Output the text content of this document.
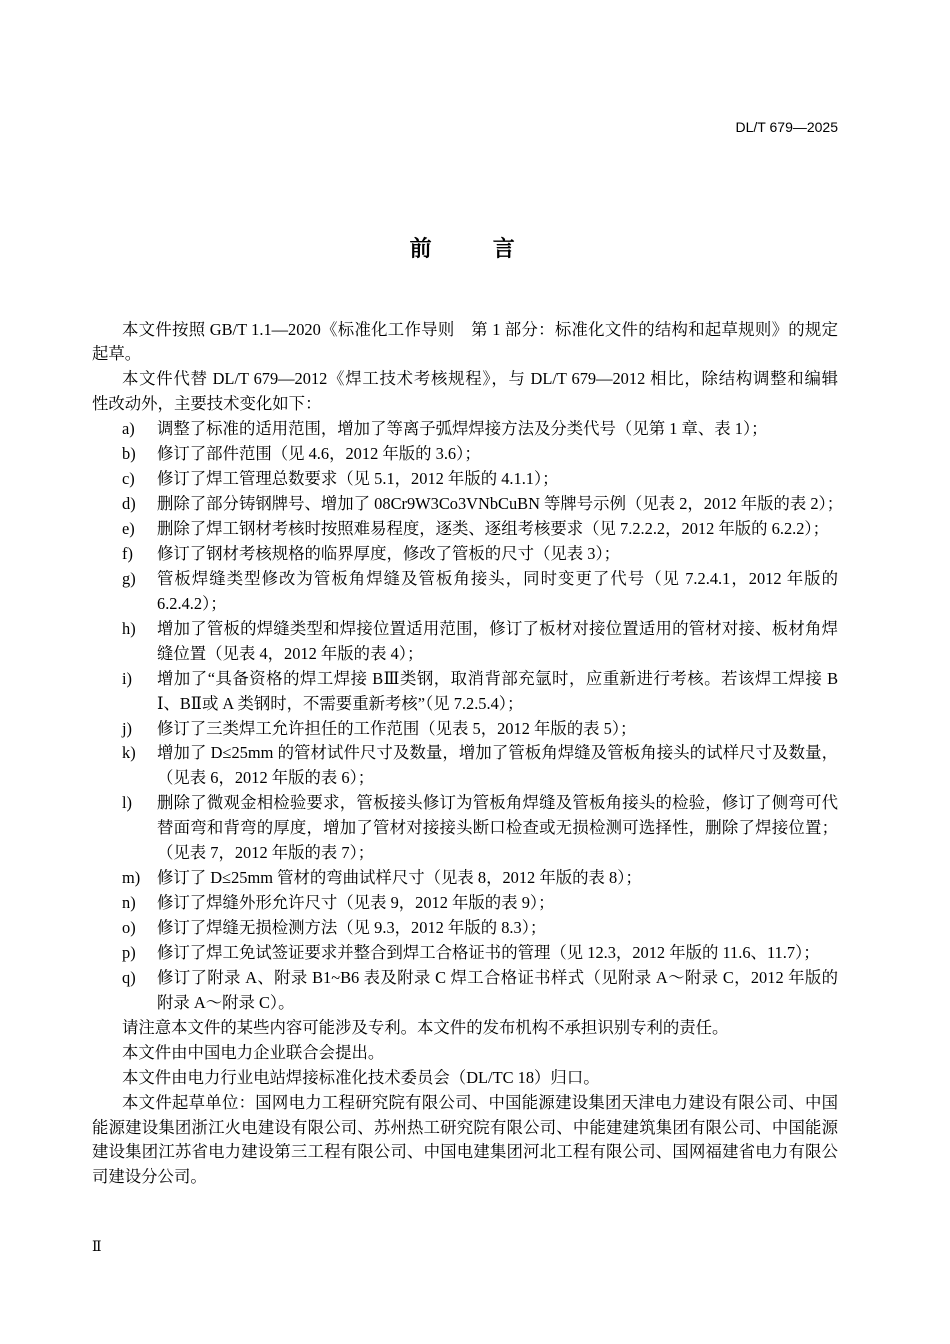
DL/T 679—2025
前　　言
本文件按照 GB/T 1.1—2020《标准化工作导则　第 1 部分：标准化文件的结构和起草规则》的规定
起草。
本文件代替 DL/T 679—2012《焊工技术考核规程》，与 DL/T 679—2012 相比，除结构调整和编辑
性改动外，主要技术变化如下：
a) 调整了标准的适用范围，增加了等离子弧焊焊接方法及分类代号（见第 1 章、表 1）；
b) 修订了部件范围（见 4.6，2012 年版的 3.6）；
c) 修订了焊工管理总数要求（见 5.1，2012 年版的 4.1.1）；
d) 删除了部分铸钢牌号、增加了 08Cr9W3Co3VNbCuBN 等牌号示例（见表 2，2012 年版的表 2）；
e) 删除了焊工钢材考核时按照难易程度，逐类、逐组考核要求（见 7.2.2.2，2012 年版的 6.2.2）；
f) 修订了钢材考核规格的临界厚度，修改了管板的尺寸（见表 3）；
g) 管板焊缝类型修改为管板角焊缝及管板角接头，同时变更了代号（见 7.2.4.1，2012 年版的
6.2.4.2）；
h) 增加了管板的焊缝类型和焊接位置适用范围，修订了板材对接位置适用的管材对接、板材角焊
缝位置（见表 4，2012 年版的表 4）；
i) 增加了“具备资格的焊工焊接 BⅢ类钢，取消背部充氩时，应重新进行考核。若该焊工焊接 B
Ⅰ、BⅡ或 A 类钢时，不需要重新考核”（见 7.2.5.4）；
j) 修订了三类焊工允许担任的工作范围（见表 5，2012 年版的表 5）；
k) 增加了 D≤25mm 的管材试件尺寸及数量，增加了管板角焊缝及管板角接头的试样尺寸及数量，
（见表 6，2012 年版的表 6）；
l) 删除了微观金相检验要求，管板接头修订为管板角焊缝及管板角接头的检验，修订了侧弯可代
替面弯和背弯的厚度，增加了管材对接接头断口检查或无损检测可选择性，删除了焊接位置；
（见表 7，2012 年版的表 7）；
m) 修订了 D≤25mm 管材的弯曲试样尺寸（见表 8，2012 年版的表 8）；
n) 修订了焊缝外形允许尺寸（见表 9，2012 年版的表 9）；
o) 修订了焊缝无损检测方法（见 9.3，2012 年版的 8.3）；
p) 修订了焊工免试签证要求并整合到焊工合格证书的管理（见 12.3，2012 年版的 11.6、11.7）；
q) 修订了附录 A、附录 B1~B6 表及附录 C 焊工合格证书样式（见附录 A～附录 C，2012 年版的
附录 A～附录 C）。
请注意本文件的某些内容可能涉及专利。本文件的发布机构不承担识别专利的责任。
本文件由中国电力企业联合会提出。
本文件由电力行业电站焊接标准化技术委员会（DL/TC 18）归口。
本文件起草单位：国网电力工程研究院有限公司、中国能源建设集团天津电力建设有限公司、中国
能源建设集团浙江火电建设有限公司、苏州热工研究院有限公司、中能建建筑集团有限公司、中国能源
建设集团江苏省电力建设第三工程有限公司、中国电建集团河北工程有限公司、国网福建省电力有限公
司建设分公司。
Ⅱ
